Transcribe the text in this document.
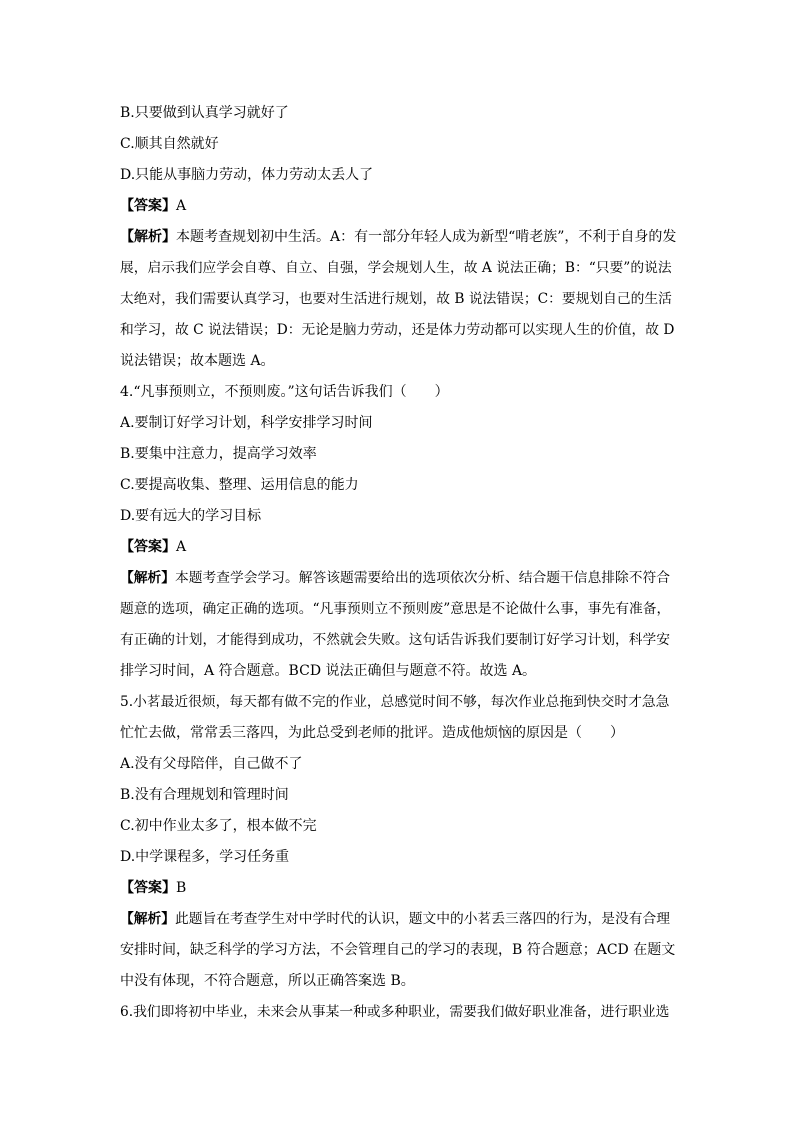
B.只要做到认真学习就好了
C.顺其自然就好
D.只能从事脑力劳动，体力劳动太丢人了
【答案】A
【解析】本题考查规划初中生活。A：有一部分年轻人成为新型“啃老族”，不利于自身的发
展，启示我们应学会自尊、自立、自强，学会规划人生，故 A 说法正确；B：“只要”的说法
太绝对，我们需要认真学习，也要对生活进行规划，故 B 说法错误；C：要规划自己的生活
和学习，故 C 说法错误；D：无论是脑力劳动，还是体力劳动都可以实现人生的价值，故 D
说法错误；故本题选 A。
4.“凡事预则立，不预则废。”这句话告诉我们（　　）
A.要制订好学习计划，科学安排学习时间
B.要集中注意力，提高学习效率
C.要提高收集、整理、运用信息的能力
D.要有远大的学习目标
【答案】A
【解析】本题考查学会学习。解答该题需要给出的选项依次分析、结合题干信息排除不符合
题意的选项，确定正确的选项。“凡事预则立不预则废”意思是不论做什么事，事先有准备，
有正确的计划，才能得到成功，不然就会失败。这句话告诉我们要制订好学习计划，科学安
排学习时间，A 符合题意。BCD 说法正确但与题意不符。故选 A。
5.小茗最近很烦，每天都有做不完的作业，总感觉时间不够，每次作业总拖到快交时才急急
忙忙去做，常常丢三落四，为此总受到老师的批评。造成他烦恼的原因是（　　）
A.没有父母陪伴，自己做不了
B.没有合理规划和管理时间
C.初中作业太多了，根本做不完
D.中学课程多，学习任务重
【答案】B
【解析】此题旨在考查学生对中学时代的认识，题文中的小茗丢三落四的行为，是没有合理
安排时间，缺乏科学的学习方法，不会管理自己的学习的表现，B 符合题意；ACD 在题文
中没有体现，不符合题意，所以正确答案选 B。
6.我们即将初中毕业，未来会从事某一种或多种职业，需要我们做好职业准备，进行职业选
